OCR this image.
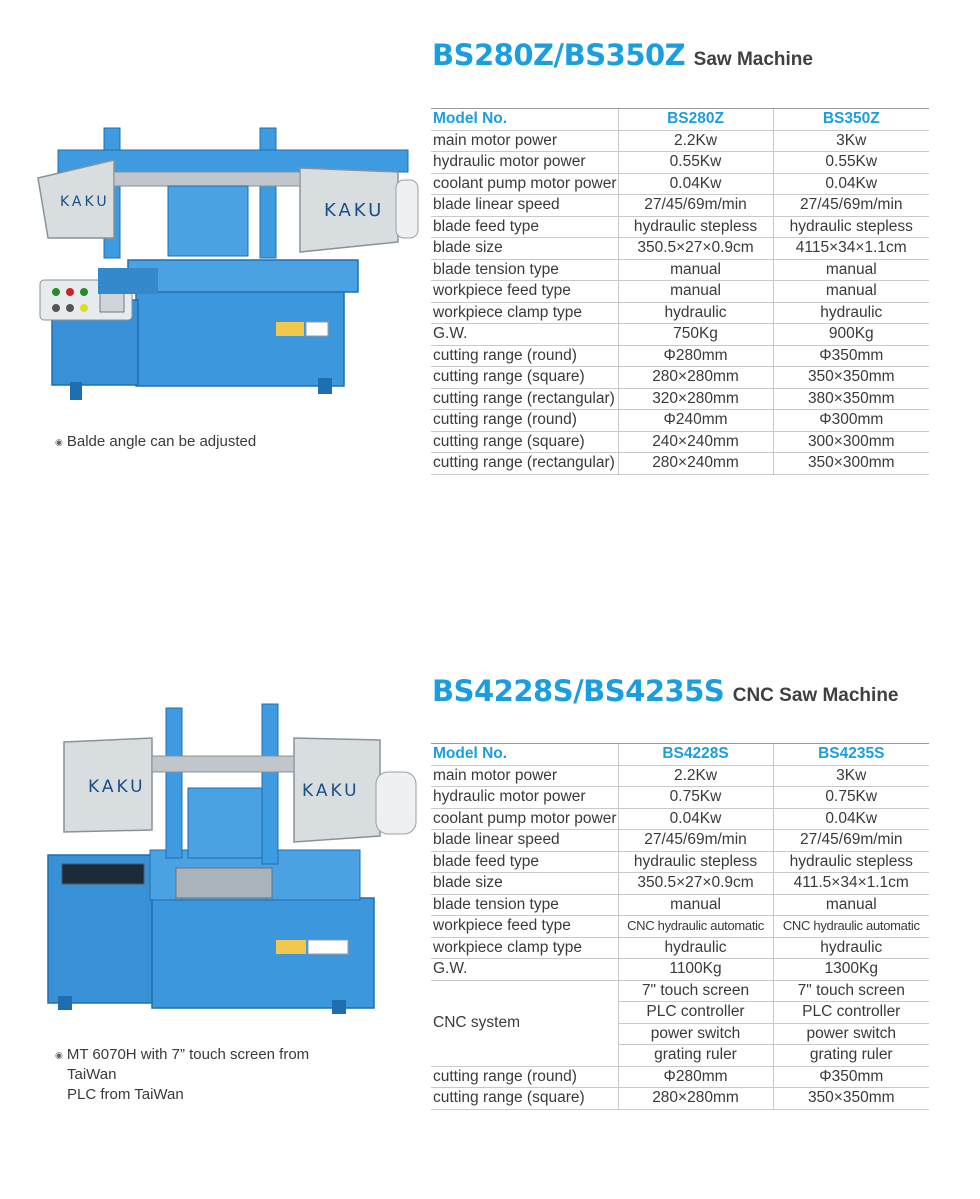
BS280Z/BS350Z Saw Machine
KAKU	KAKU
◉ Balde angle can be adjusted
Model No.	BS280Z	BS350Z
main motor power	2.2Kw	3Kw
hydraulic motor power	0.55Kw	0.55Kw
coolant pump motor power	0.04Kw	0.04Kw
blade linear speed	27/45/69m/min	27/45/69m/min
blade feed type	hydraulic stepless	hydraulic stepless
blade size	350.5×27×0.9cm	4115×34×1.1cm
blade tension type	manual	manual
workpiece feed type	manual	manual
workpiece clamp type	hydraulic	hydraulic
G.W.	750Kg	900Kg
cutting range (round)	Φ280mm	Φ350mm
cutting range (square)	280×280mm	350×350mm
cutting range (rectangular)	320×280mm	380×350mm
cutting range (round)	Φ240mm	Φ300mm
cutting range (square)	240×240mm	300×300mm
cutting range (rectangular)	280×240mm	350×300mm
BS4228S/BS4235S CNC Saw Machine
KAKU	KAKU
◉ MT 6070H with 7” touch screen from
TaiWan
PLC from TaiWan
Model No.	BS4228S	BS4235S
main motor power	2.2Kw	3Kw
hydraulic motor power	0.75Kw	0.75Kw
coolant pump motor power	0.04Kw	0.04Kw
blade linear speed	27/45/69m/min	27/45/69m/min
blade feed type	hydraulic stepless	hydraulic stepless
blade size	350.5×27×0.9cm	411.5×34×1.1cm
blade tension type	manual	manual
workpiece feed type	CNC hydraulic automatic	CNC hydraulic automatic
workpiece clamp type	hydraulic	hydraulic
G.W.	1100Kg	1300Kg
CNC system	7" touch screen	7" touch screen
	PLC controller	PLC controller
	power switch	power switch
	grating ruler	grating ruler
cutting range (round)	Φ280mm	Φ350mm
cutting range (square)	280×280mm	350×350mm
